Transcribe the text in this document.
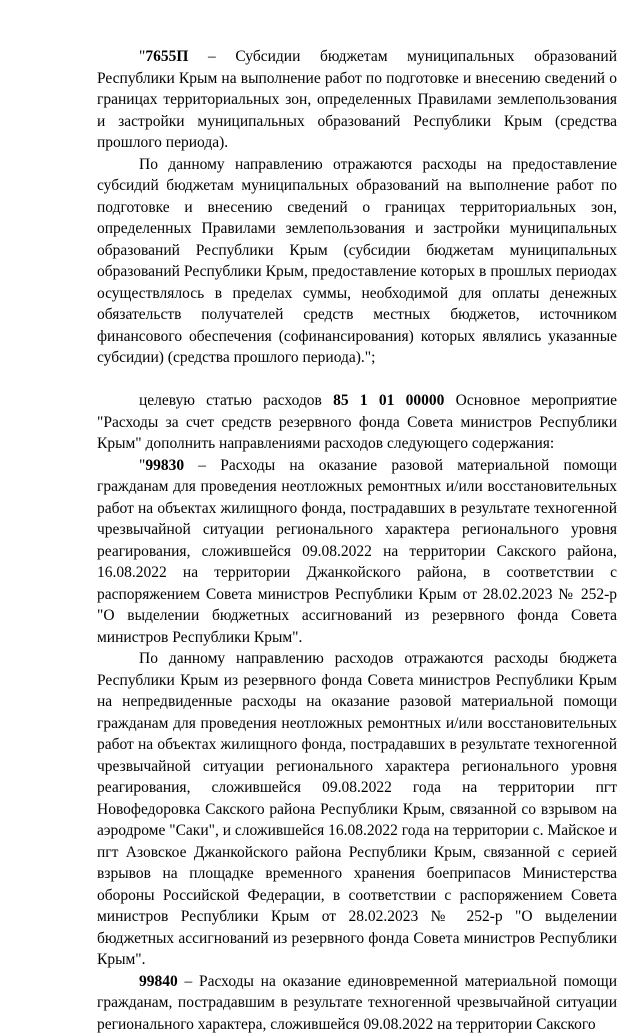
"7655П – Субсидии бюджетам муниципальных образований Республики Крым на выполнение работ по подготовке и внесению сведений о границах территориальных зон, определенных Правилами землепользования и застройки муниципальных образований Республики Крым (средства прошлого периода).

По данному направлению отражаются расходы на предоставление субсидий бюджетам муниципальных образований на выполнение работ по подготовке и внесению сведений о границах территориальных зон, определенных Правилами землепользования и застройки муниципальных образований Республики Крым (субсидии бюджетам муниципальных образований Республики Крым, предоставление которых в прошлых периодах осуществлялось в пределах суммы, необходимой для оплаты денежных обязательств получателей средств местных бюджетов, источником финансового обеспечения (софинансирования) которых являлись указанные субсидии) (средства прошлого периода).";

целевую статью расходов 85 1 01 00000 Основное мероприятие "Расходы за счет средств резервного фонда Совета министров Республики Крым" дополнить направлениями расходов следующего содержания:

"99830 – Расходы на оказание разовой материальной помощи гражданам для проведения неотложных ремонтных и/или восстановительных работ на объектах жилищного фонда, пострадавших в результате техногенной чрезвычайной ситуации регионального характера регионального уровня реагирования, сложившейся 09.08.2022 на территории Сакского района, 16.08.2022 на территории Джанкойского района, в соответствии с распоряжением Совета министров Республики Крым от 28.02.2023 № 252-р "О выделении бюджетных ассигнований из резервного фонда Совета министров Республики Крым".

По данному направлению расходов отражаются расходы бюджета Республики Крым из резервного фонда Совета министров Республики Крым на непредвиденные расходы на оказание разовой материальной помощи гражданам для проведения неотложных ремонтных и/или восстановительных работ на объектах жилищного фонда, пострадавших в результате техногенной чрезвычайной ситуации регионального характера регионального уровня реагирования, сложившейся 09.08.2022 года на территории пгт Новофедоровка Сакского района Республики Крым, связанной со взрывом на аэродроме "Саки", и сложившейся 16.08.2022 года на территории с. Майское и пгт Азовское Джанкойского района Республики Крым, связанной с серией взрывов на площадке временного хранения боеприпасов Министерства обороны Российской Федерации, в соответствии с распоряжением Совета министров Республики Крым от 28.02.2023 № 252-р "О выделении бюджетных ассигнований из резервного фонда Совета министров Республики Крым".

99840 – Расходы на оказание единовременной материальной помощи гражданам, пострадавшим в результате техногенной чрезвычайной ситуации регионального характера, сложившейся 09.08.2022 на территории Сакского
